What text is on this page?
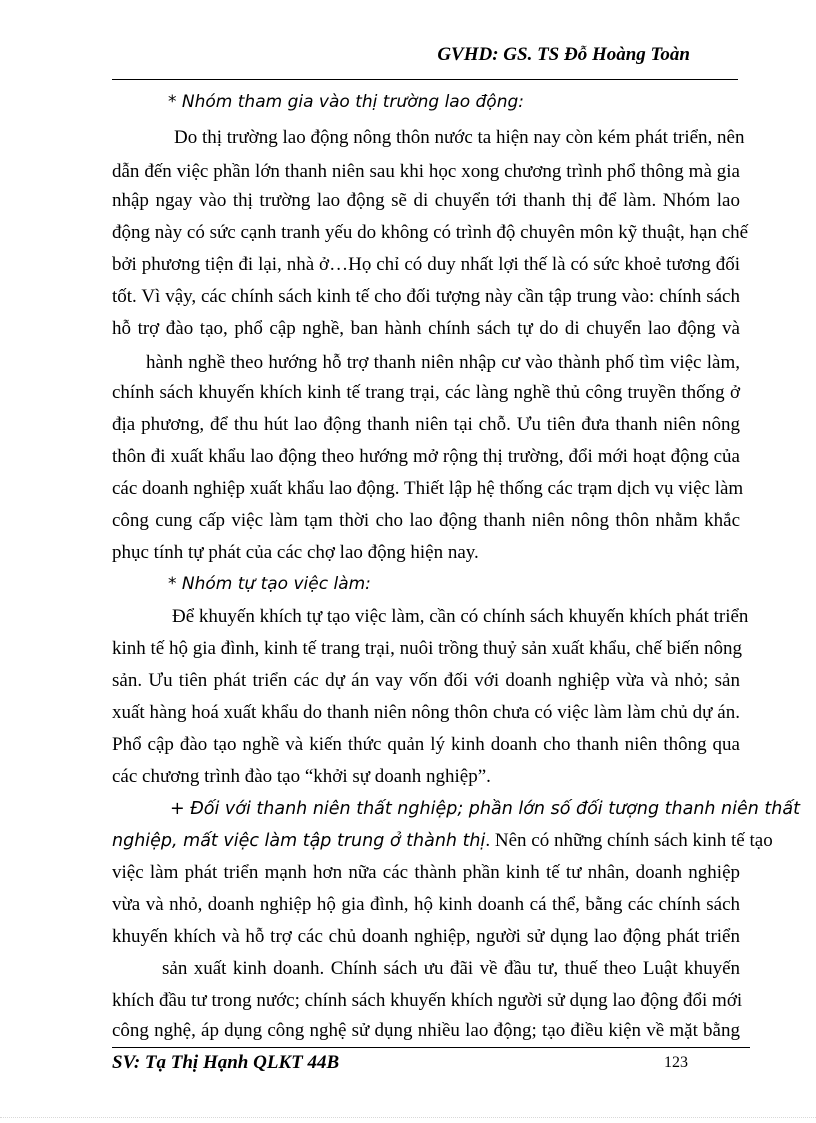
GVHD: GS. TS Đỗ Hoàng Toàn
* Nhóm tham gia vào thị trường lao động:
Do thị trường lao động nông thôn nước ta hiện nay còn kém phát triển, nên
dẫn đến việc phần lớn thanh niên sau khi học xong chương trình phổ thông mà gia
nhập ngay vào thị trường lao động sẽ di chuyển tới thanh thị để làm. Nhóm lao
động này có sức cạnh tranh yếu do không có trình độ chuyên môn kỹ thuật, hạn chế
bởi phương tiện đi lại, nhà ở…Họ chỉ có duy nhất lợi thế là có sức khoẻ tương đối
tốt. Vì vậy, các chính sách kinh tế cho đối tượng này cần tập trung vào: chính sách
hỗ trợ đào tạo, phổ cập nghề, ban hành chính sách tự do di chuyển lao động và
hành nghề theo hướng hỗ trợ thanh niên nhập cư vào thành phố tìm việc làm,
chính sách khuyến khích kinh tế trang trại, các làng nghề thủ công truyền thống ở
địa phương, để thu hút lao động thanh niên tại chỗ. Ưu tiên đưa thanh niên nông
thôn đi xuất khẩu lao động theo hướng mở rộng thị trường, đổi mới hoạt động của
các doanh nghiệp xuất khẩu lao động. Thiết lập hệ thống các trạm dịch vụ việc làm
công cung cấp việc làm tạm thời cho lao động thanh niên nông thôn nhằm khắc
phục tính tự phát của các chợ lao động hiện nay.
* Nhóm tự tạo việc làm:
Để khuyến khích tự tạo việc làm, cần có chính sách khuyến khích phát triển
kinh tế hộ gia đình, kinh tế trang trại, nuôi trồng thuỷ sản xuất khẩu, chế biến nông
sản. Ưu tiên phát triển các dự án vay vốn đối với doanh nghiệp vừa và nhỏ; sản
xuất hàng hoá xuất khẩu do thanh niên nông thôn chưa có việc làm làm chủ dự án.
Phổ cập đào tạo nghề và kiến thức quản lý kinh doanh cho thanh niên thông qua
các chương trình đào tạo “khởi sự doanh nghiệp”.
+ Đối với thanh niên thất nghiệp; phần lớn số đối tượng thanh niên thất
nghiệp, mất việc làm tập trung ở thành thị. Nên có những chính sách kinh tế tạo
việc làm phát triển mạnh hơn nữa các thành phần kinh tế tư nhân, doanh nghiệp
vừa và nhỏ, doanh nghiệp hộ gia đình, hộ kinh doanh cá thể, bằng các chính sách
khuyến khích và hỗ trợ các chủ doanh nghiệp, người sử dụng lao động phát triển
sản xuất kinh doanh. Chính sách ưu đãi về đầu tư, thuế theo Luật khuyến
khích đầu tư trong nước; chính sách khuyến khích người sử dụng lao động đổi mới
công nghệ, áp dụng công nghệ sử dụng nhiều lao động; tạo điều kiện về mặt bằng
SV: Tạ Thị Hạnh QLKT 44B	123
